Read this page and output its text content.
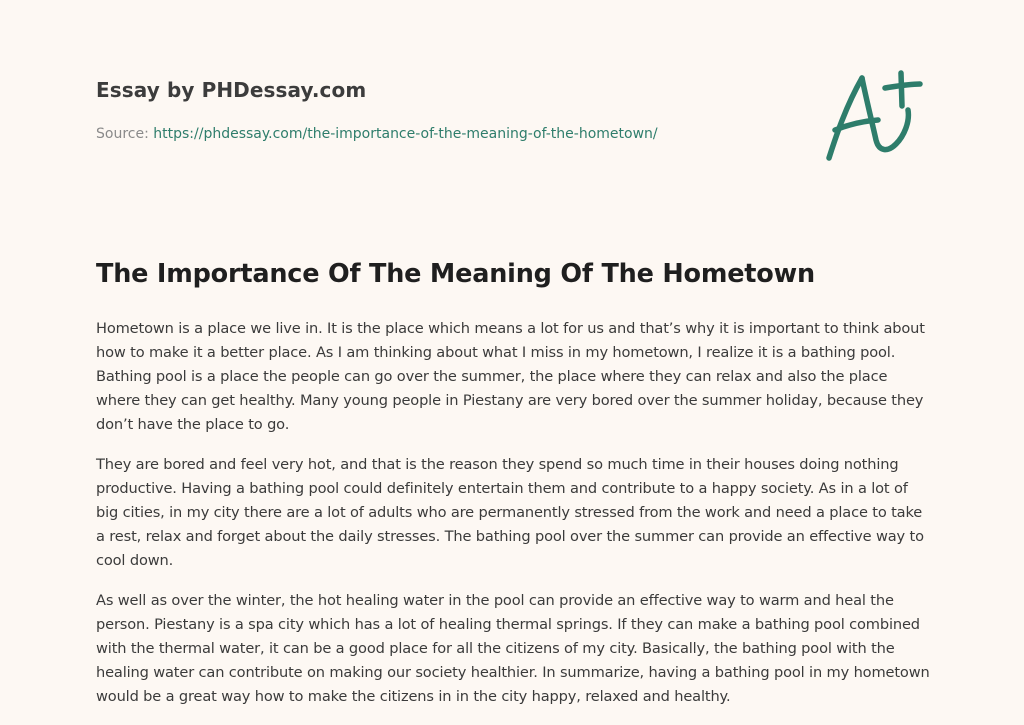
Essay by PHDessay.com
Source: https://phdessay.com/the-importance-of-the-meaning-of-the-hometown/
The Importance Of The Meaning Of The Hometown

Hometown is a place we live in. It is the place which means a lot for us and that’s why it is important to think about how to make it a better place. As I am thinking about what I miss in my hometown, I realize it is a bathing pool. Bathing pool is a place the people can go over the summer, the place where they can relax and also the place where they can get healthy. Many young people in Piestany are very bored over the summer holiday, because they don’t have the place to go.

They are bored and feel very hot, and that is the reason they spend so much time in their houses doing nothing productive. Having a bathing pool could definitely entertain them and contribute to a happy society. As in a lot of big cities, in my city there are a lot of adults who are permanently stressed from the work and need a place to take a rest, relax and forget about the daily stresses. The bathing pool over the summer can provide an effective way to cool down.

As well as over the winter, the hot healing water in the pool can provide an effective way to warm and heal the person. Piestany is a spa city which has a lot of healing thermal springs. If they can make a bathing pool combined with the thermal water, it can be a good place for all the citizens of my city. Basically, the bathing pool with the healing water can contribute on making our society healthier. In summarize, having a bathing pool in my hometown would be a great way how to make the citizens in in the city happy, relaxed and healthy.
